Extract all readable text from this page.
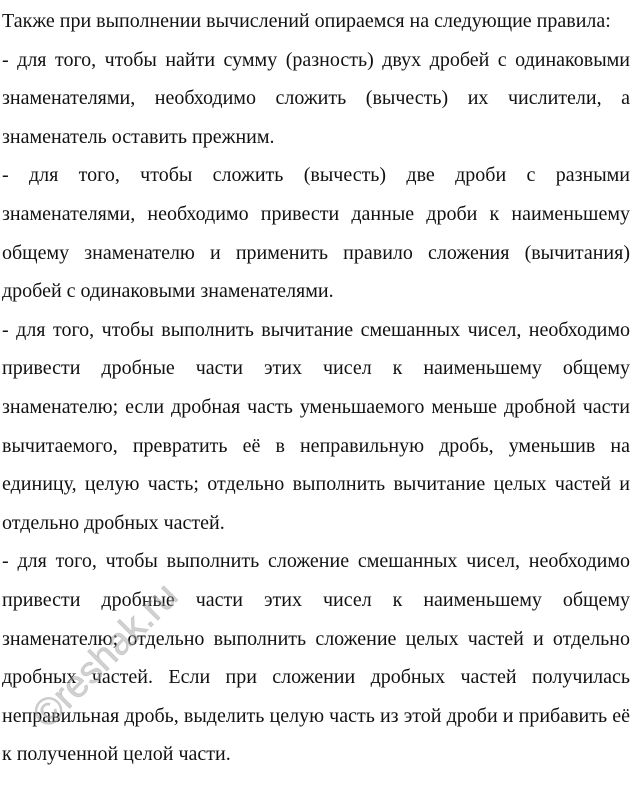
Также при выполнении вычислений опираемся на следующие правила:

- для того, чтобы найти сумму (разность) двух дробей с одинаковыми знаменателями, необходимо сложить (вычесть) их числители, а знаменатель оставить прежним.

- для того, чтобы сложить (вычесть) две дроби с разными знаменателями, необходимо привести данные дроби к наименьшему общему знаменателю и применить правило сложения (вычитания) дробей с одинаковыми знаменателями.

- для того, чтобы выполнить вычитание смешанных чисел, необходимо привести дробные части этих чисел к наименьшему общему знаменателю; если дробная часть уменьшаемого меньше дробной части вычитаемого, превратить её в неправильную дробь, уменьшив на единицу, целую часть; отдельно выполнить вычитание целых частей и отдельно дробных частей.

- для того, чтобы выполнить сложение смешанных чисел, необходимо привести дробные части этих чисел к наименьшему общему знаменателю; отдельно выполнить сложение целых частей и отдельно дробных частей. Если при сложении дробных частей получилась неправильная дробь, выделить целую часть из этой дроби и прибавить её к полученной целой части.

©reshak.ru
